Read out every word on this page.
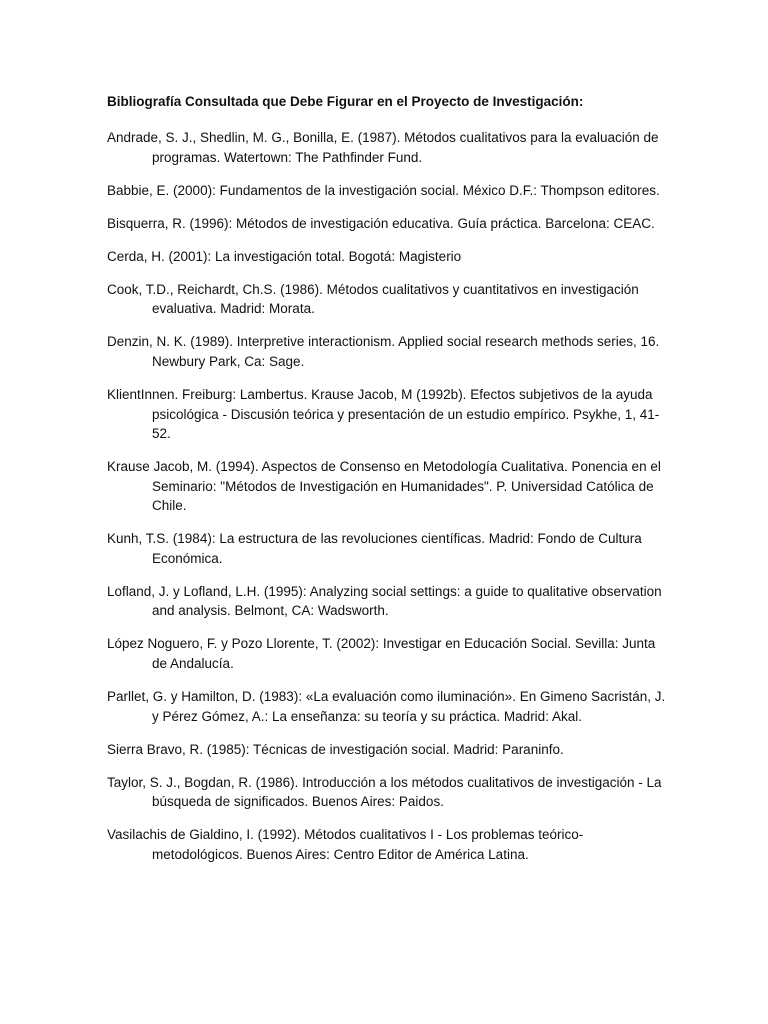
Bibliografía Consultada que Debe Figurar en el Proyecto de Investigación:

Andrade, S. J., Shedlin, M. G., Bonilla, E. (1987). Métodos cualitativos para la evaluación de programas. Watertown: The Pathfinder Fund.

Babbie, E. (2000): Fundamentos de la investigación social. México D.F.: Thompson editores.

Bisquerra, R. (1996): Métodos de investigación educativa. Guía práctica. Barcelona: CEAC.

Cerda, H. (2001): La investigación total. Bogotá: Magisterio

Cook, T.D., Reichardt, Ch.S. (1986). Métodos cualitativos y cuantitativos en investigación evaluativa. Madrid: Morata.

Denzin, N. K. (1989). Interpretive interactionism. Applied social research methods series, 16. Newbury Park, Ca: Sage.

KlientInnen. Freiburg: Lambertus. Krause Jacob, M (1992b). Efectos subjetivos de la ayuda psicológica - Discusión teórica y presentación de un estudio empírico. Psykhe, 1, 41-52.

Krause Jacob, M. (1994). Aspectos de Consenso en Metodología Cualitativa. Ponencia en el Seminario: "Métodos de Investigación en Humanidades". P. Universidad Católica de Chile.

Kunh, T.S. (1984): La estructura de las revoluciones científicas. Madrid: Fondo de Cultura Económica.

Lofland, J. y Lofland, L.H. (1995): Analyzing social settings: a guide to qualitative observation and analysis. Belmont, CA: Wadsworth.

López Noguero, F. y Pozo Llorente, T. (2002): Investigar en Educación Social. Sevilla: Junta de Andalucía.

Parllet, G. y Hamilton, D. (1983): «La evaluación como iluminación». En Gimeno Sacristán, J. y Pérez Gómez, A.: La enseñanza: su teoría y su práctica. Madrid: Akal.

Sierra Bravo, R. (1985): Técnicas de investigación social. Madrid: Paraninfo.

Taylor, S. J., Bogdan, R. (1986). Introducción a los métodos cualitativos de investigación - La búsqueda de significados. Buenos Aires: Paidos.

Vasilachis de Gialdino, I. (1992). Métodos cualitativos I - Los problemas teórico-metodológicos. Buenos Aires: Centro Editor de América Latina.
